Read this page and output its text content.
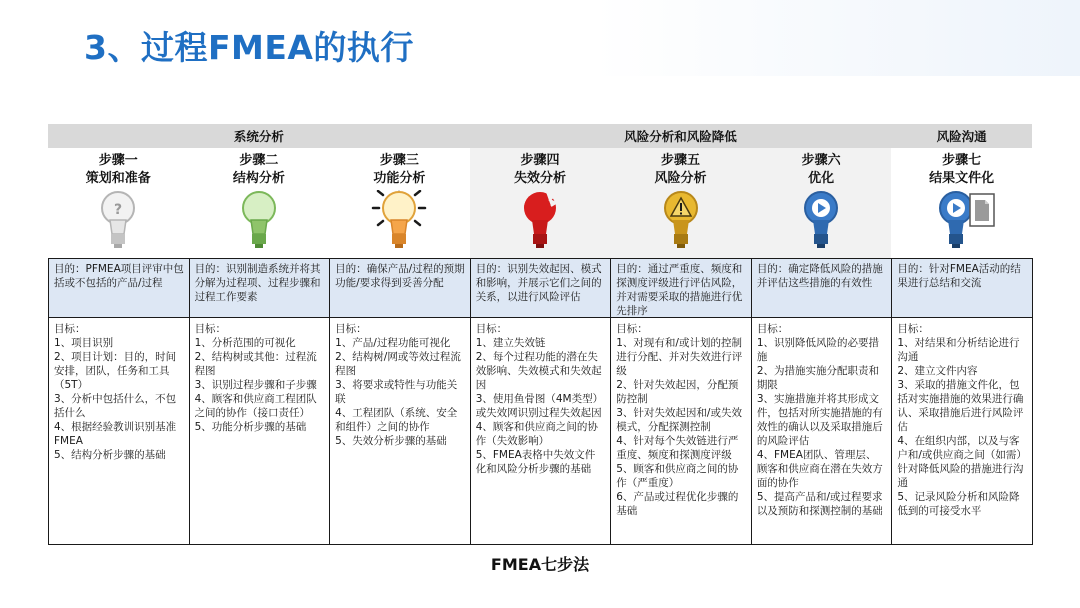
3、过程FMEA的执行
系统分析	风险分析和风险降低	风险沟通
步骤一
策划和准备
?
目的：PFMEA项目评审中包括或不包括的产品/过程
目标：
1、项目识别
2、项目计划：目的，时间安排，团队，任务和工具（5T）
3、分析中包括什么，不包括什么
4、根据经验教训识别基准FMEA
5、结构分析步骤的基础
步骤二
结构分析
目的：识别制造系统并将其分解为过程项、过程步骤和过程工作要素
目标：
1、分析范围的可视化
2、结构树或其他：过程流程图
3、识别过程步骤和子步骤
4、顾客和供应商工程团队之间的协作（接口责任）
5、功能分析步骤的基础
步骤三
功能分析
目的：确保产品/过程的预期功能/要求得到妥善分配
目标：
1、产品/过程功能可视化
2、结构树/网或等效过程流程图
3、将要求或特性与功能关联
4、工程团队（系统、安全和组件）之间的协作
5、失效分析步骤的基础
步骤四
失效分析
目的：识别失效起因、模式和影响，并展示它们之间的关系，以进行风险评估
目标：
1、建立失效链
2、每个过程功能的潜在失效影响、失效模式和失效起因
3、使用鱼骨图（4M类型）或失效网识别过程失效起因
4、顾客和供应商之间的协作（失效影响）
5、FMEA表格中失效文件化和风险分析步骤的基础
步骤五
风险分析
目的：通过严重度、频度和探测度评级进行评估风险，并对需要采取的措施进行优先排序
目标：
1、对现有和/或计划的控制进行分配、并对失效进行评级
2、针对失效起因，分配预防控制
3、针对失效起因和/或失效模式，分配探测控制
4、针对每个失效链进行严重度、频度和探测度评级
5、顾客和供应商之间的协作（严重度）
6、产品或过程优化步骤的基础
步骤六
优化
目的：确定降低风险的措施并评估这些措施的有效性
目标：
1、识别降低风险的必要措施
2、为措施实施分配职责和期限
3、实施措施并将其形成文件，包括对所实施措施的有效性的确认以及采取措施后的风险评估
4、FMEA团队、管理层、顾客和供应商在潜在失效方面的协作
5、提高产品和/或过程要求以及预防和探测控制的基础
步骤七
结果文件化
目的：针对FMEA活动的结果进行总结和交流
目标：
1、对结果和分析结论进行沟通
2、建立文件内容
3、采取的措施文件化，包括对实施措施的效果进行确认、采取措施后进行风险评估
4、在组织内部，以及与客户和/或供应商之间（如需）针对降低风险的措施进行沟通
5、记录风险分析和风险降低到的可接受水平
FMEA七步法
